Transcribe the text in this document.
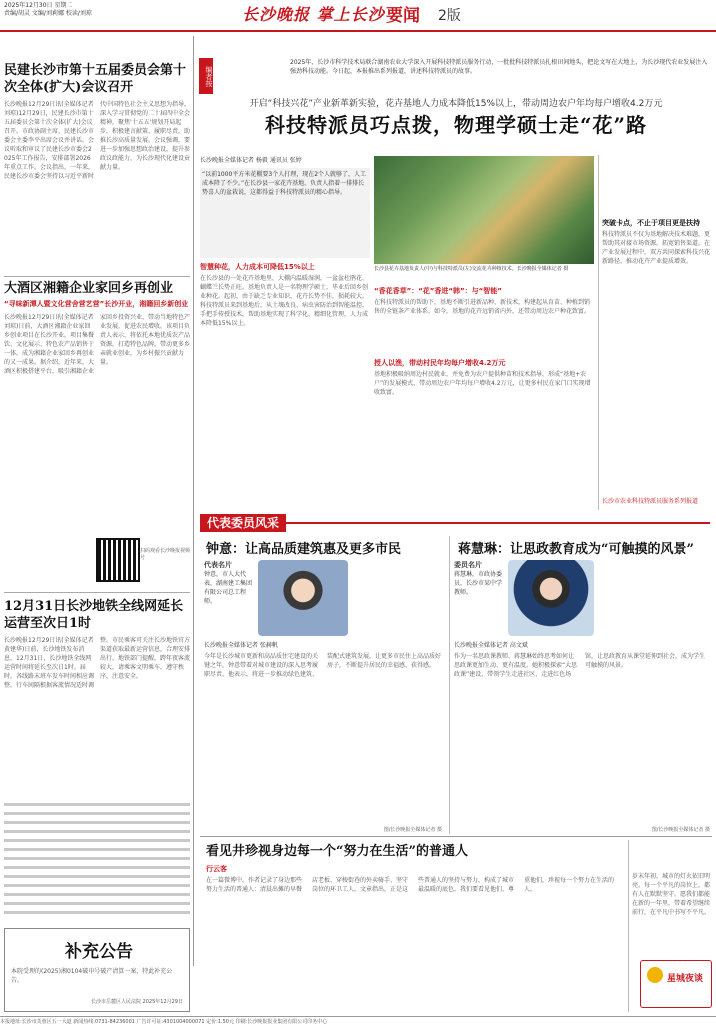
2025年12月30日 星期二
责编/胡灵 文编/刘莉娜 校读/刘琼	长沙晚报 掌上长沙 要闻 2版
民建长沙市第十五届委员会第十次全体(扩大)会议召开
长沙晚报12月29日讯(全媒体记者 刘琼)12月29日，民建长沙市第十五届委员会第十次全体(扩大)会议召开。市政协副主席、民建长沙市委会主委李平出席会议并讲话。会议听取和审议了民建长沙市委会2025年工作报告，安排部署2026年重点工作。会议指出，一年来，民建长沙市委会坚持以习近平新时代中国特色社会主义思想为指导，深入学习贯彻党的二十届四中全会精神，聚焦'十五五'规划开局起步，积极建言献策、履职尽责，助推长沙高质量发展。会议强调，要进一步加强思想政治建设，提升参政议政能力，为长沙现代化建设贡献力量。
大酒区湘籍企业家回乡再创业
“寻味新潭人暨文化营舍营艺营”长沙开业，湘籍回乡新创业
长沙晚报12月29日讯(全媒体记者 刘琼)日前，大酒区湘籍企业家回乡创业项目在长沙开业。项目集餐饮、文化展示、特色农产品销售于一体，成为湘籍企业家回乡再创业的又一成果。据介绍，近年来，大酒区积极搭建平台，吸引湘籍企业家回乡投资兴业，带动当地特色产业发展，促进农民增收。该项目负责人表示，将依托本地优质农产品资源，打造特色品牌，带动更多乡亲就业创业，为乡村振兴贡献力量。
扫码观看长沙晚报视频号
12月31日长沙地铁全线网延长运营至次日1时
长沙晚报12月29日讯(全媒体记者 黄建华)日前，长沙地铁发布消息，12月31日，长沙地铁全线网运营时间将延长至次日1时。届时，各线路末班车发车时间相应调整，行车间隔根据客流情况适时调整。市民乘客可关注长沙地铁官方渠道获取最新运营信息，合理安排出行。地铁部门提醒，跨年夜客流较大，请乘客文明乘车，遵守秩序，注意安全。
补充公告
本院受理的(2025)湘0104破申号破产清算一案，特此补充公告。
长沙市岳麓区人民法院 2025年12月29日
编者按
2025年，长沙市科学技术局联合湖南农业大学深入开展科技特派员服务行动，一批批科技特派员扎根田间地头，把论文写在大地上，为长沙现代农业发展注入强劲科技动能。今日起，本报推出系列报道，讲述科技特派员的故事。
开启“科技兴花”产业新革新实验，花卉基地人力成本降低15%以上，带动周边农户年均每户增收4.2万元
科技特派员巧点拨，物理学硕士走“花”路
长沙晚报全媒体记者 杨毅 通讯员 张婷
“以前1000平方米花棚要3个人打理，现在2个人就够了，人工成本降了不少。”在长沙县一家花卉基地，负责人指着一排排长势喜人的盆栽说，这都得益于科技特派员的精心指导。
长沙县花卉基地负责人(中)与科技特派员(左)交流花卉种植技术。长沙晚报全媒体记者 摄
智慧种花，人力成本可降低15%以上
在长沙县的一处花卉基地里，大棚内温暖湿润，一盆盆杜鹃花、蝴蝶兰长势正旺。基地负责人是一名物理学硕士，毕业后回乡创业种花。起初，由于缺乏专业知识，花卉长势不佳，损耗较大。科技特派员来到基地后，从土壤改良、病虫害防治到智能温控，手把手传授技术，帮助基地实现了科学化、精细化管理，人力成本降低15%以上。
“香花香草”：“花”香进“韩”：与“智能”
在科技特派员的帮助下，基地不断引进新品种、新技术，构建起从育苗、种植到销售的全链条产业体系。如今，基地的花卉远销省内外，还带动周边农户种花致富。
授人以渔，带动村民年均每户增收4.2万元
基地积极吸纳周边村民就业，并免费为农户提供种苗和技术指导，形成“基地+农户”的发展模式，带动周边农户年均每户增收4.2万元，让更多村民在家门口实现增收致富。
突破卡点，不止于项目更是扶持
科技特派员不仅为基地解决技术难题，更帮助其对接市场资源，拓宽销售渠道。在产业发展过程中，双方共同探索科技兴花新路径，推动花卉产业提质增效。
长沙市农业科技特派员服务系列报道
代表委员风采
钟意：让高品质建筑惠及更多市民
代表名片
钟意，市人大代表，湖南建工集团有限公司总工程师。
长沙晚报全媒体记者 张赫帆
今年是长沙城市更新和高品质住宅建设的关键之年，钟意带着对城市建设的深入思考履职尽责。他表示，将进一步推动绿色建筑、装配式建筑发展，让更多市民住上高品质好房子，不断提升居民的幸福感、获得感。
图/长沙晚报全媒体记者 摄
蒋慧琳：让思政教育成为“可触摸的风景”
委员名片
蒋慧琳，市政协委员，长沙市某中学教师。
长沙晚报全媒体记者 高文斌
作为一名思政课教师，蒋慧琳始终思考如何让思政课更加生动、更有温度。她积极探索“大思政课”建设，带领学生走进社区、走进红色场馆，让思政教育从课堂延伸到社会，成为学生可触摸的风景。
图/长沙晚报全媒体记者 摄
看见井珍视身边每一个“努力在生活”的普通人
行云客
在一篇微博中，作者记录了身边那些努力生活的普通人：清晨出摊的早餐店老板、穿梭街巷的外卖骑手、坚守岗位的环卫工人。文章指出，正是这些普通人的坚持与努力，构成了城市最温暖的底色。我们要看见他们、尊重他们，珍视每一个努力在生活的人。
岁末年初，城市的灯火依旧明亮。每一个平凡的岗位上，都有人在默默坚守。愿我们都能在新的一年里，带着希望继续前行，在平凡中书写不平凡。
星城夜谈
本报地址:长沙市芙蓉区五一大道 新闻热线:0731-84236001 广告许可证:4301004000071 定价:1.50元 印刷:长沙晚报报业集团有限公司印务中心
